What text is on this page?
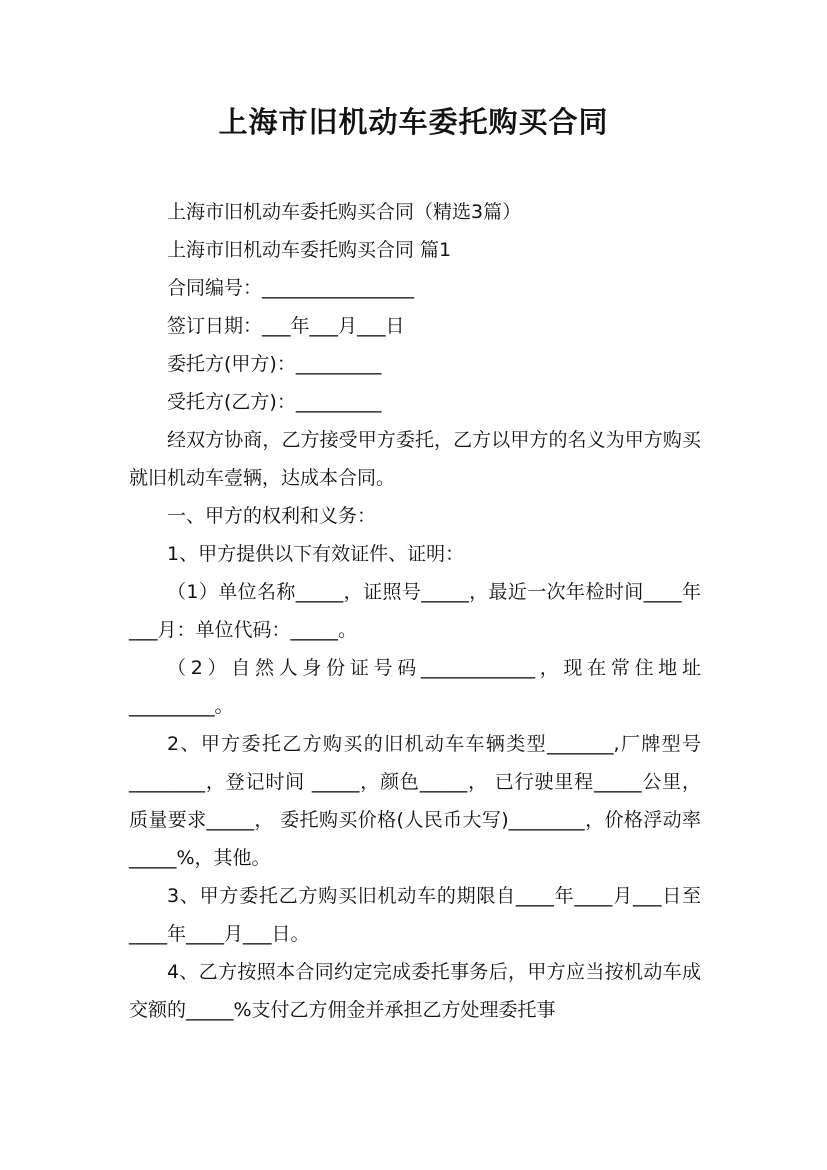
上海市旧机动车委托购买合同

上海市旧机动车委托购买合同（精选3篇）

上海市旧机动车委托购买合同 篇1

合同编号：________________

签订日期：___年___月___日

委托方(甲方)：_________

受托方(乙方)：_________

经双方协商，乙方接受甲方委托，乙方以甲方的名义为甲方购买就旧机动车壹辆，达成本合同。

一、甲方的权利和义务：

1、甲方提供以下有效证件、证明：

（1）单位名称_____，证照号_____，最近一次年检时间____年___月：单位代码：_____。

（2）自然人身份证号码____________，现在常住地址_________。

2、甲方委托乙方购买的旧机动车车辆类型_______,厂牌型号________，登记时间 _____，颜色_____， 已行驶里程_____公里，质量要求_____， 委托购买价格(人民币大写)________，价格浮动率_____%，其他。

3、甲方委托乙方购买旧机动车的期限自____年____月___日至____年____月___日。

4、乙方按照本合同约定完成委托事务后，甲方应当按机动车成交额的_____%支付乙方佣金并承担乙方处理委托事
